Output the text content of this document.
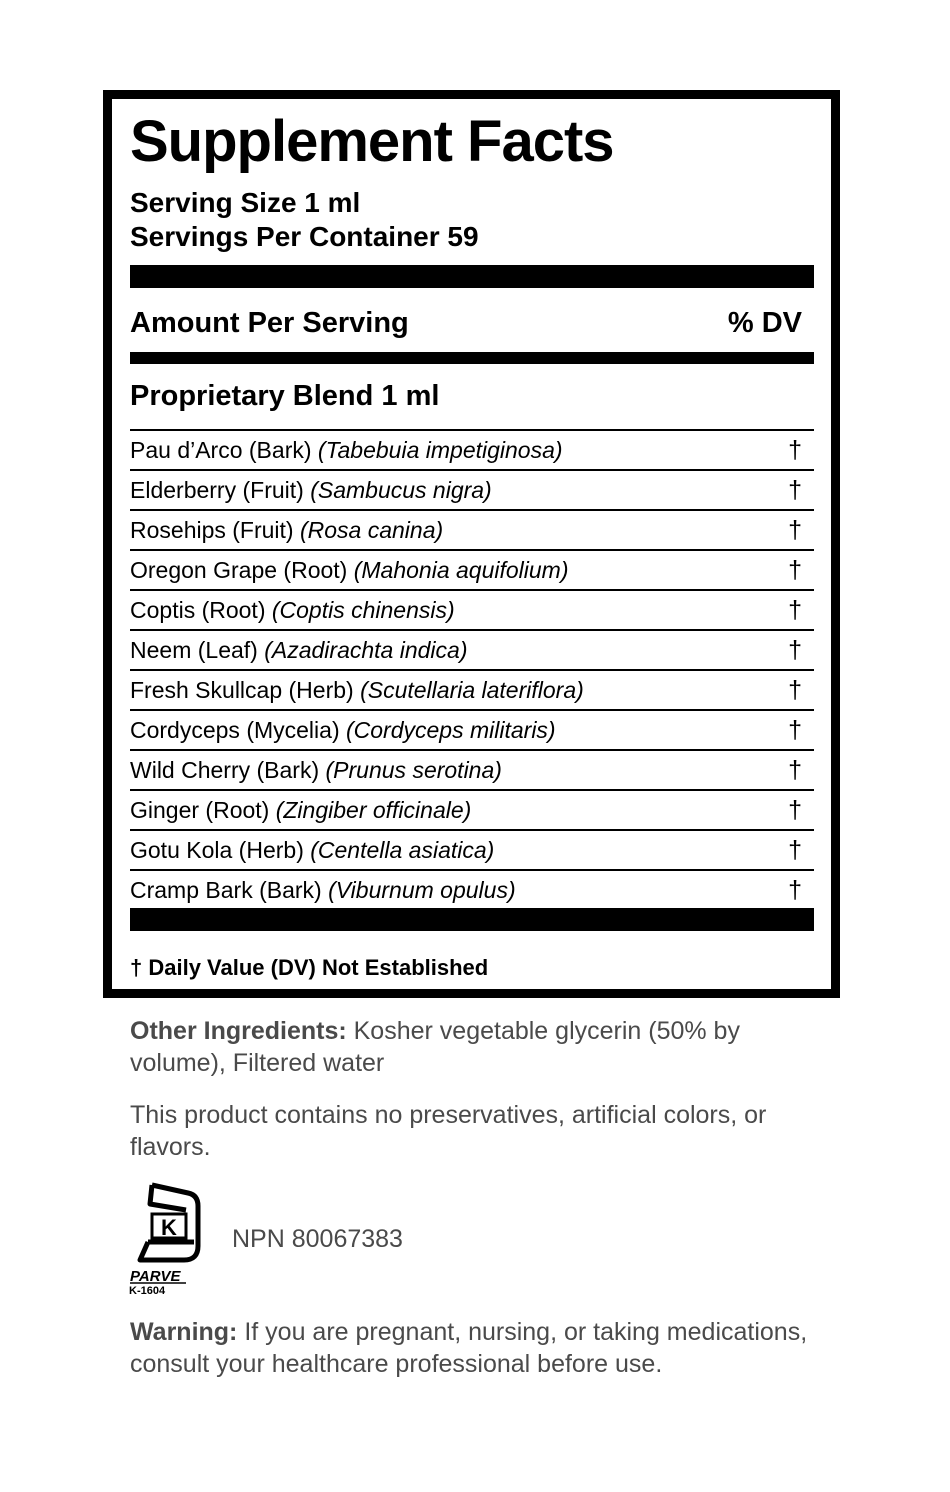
Supplement Facts
Serving Size 1 ml
Servings Per Container 59
Amount Per Serving	% DV
Proprietary Blend 1 ml
Pau d’Arco (Bark) (Tabebuia impetiginosa)	†
Elderberry (Fruit) (Sambucus nigra)	†
Rosehips (Fruit) (Rosa canina)	†
Oregon Grape (Root) (Mahonia aquifolium)	†
Coptis (Root) (Coptis chinensis)	†
Neem (Leaf) (Azadirachta indica)	†
Fresh Skullcap (Herb) (Scutellaria lateriflora)	†
Cordyceps (Mycelia) (Cordyceps militaris)	†
Wild Cherry (Bark) (Prunus serotina)	†
Ginger (Root) (Zingiber officinale)	†
Gotu Kola (Herb) (Centella asiatica)	†
Cramp Bark (Bark) (Viburnum opulus)	†
† Daily Value (DV) Not Established
Other Ingredients: Kosher vegetable glycerin (50% by volume), Filtered water
This product contains no preservatives, artificial colors, or flavors.
K
PARVE
K-1604
NPN 80067383
Warning: If you are pregnant, nursing, or taking medications, consult your healthcare professional before use.
